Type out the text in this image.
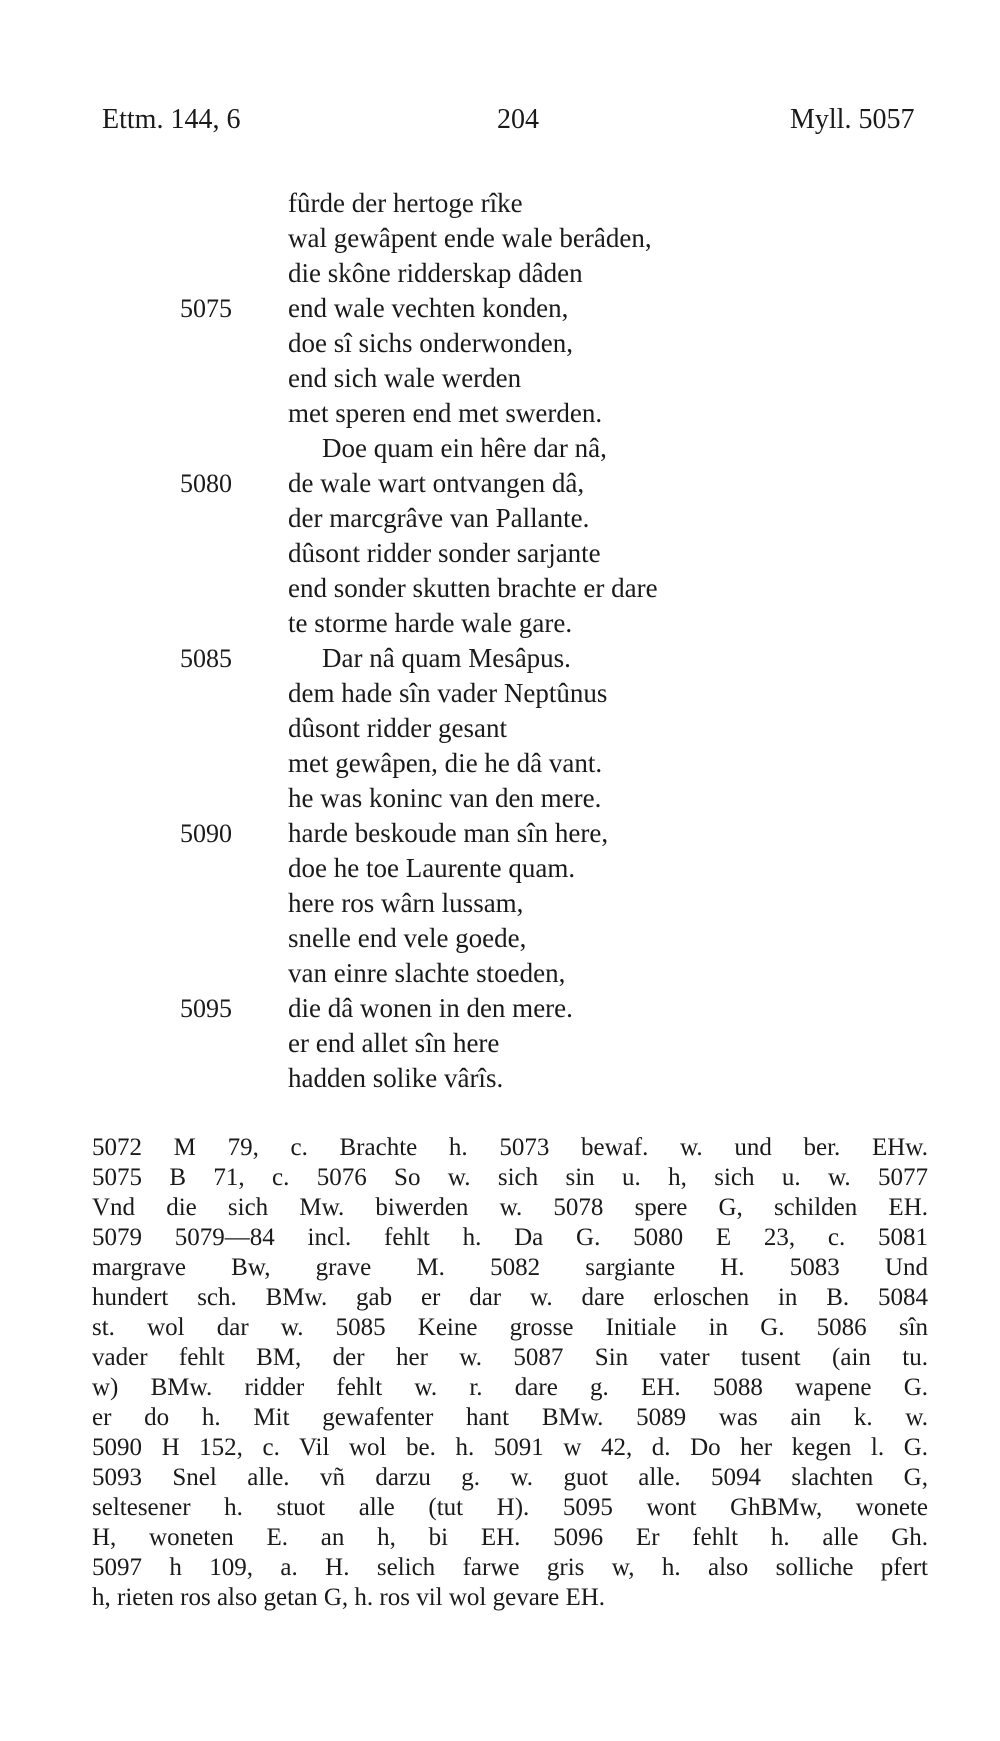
Ettm. 144, 6	204	Myll. 5057
fûrde der hertoge rîke
wal gewâpent ende wale berâden,
die skône ridderskap dâden
5075	end wale vechten konden,
doe sî sichs onderwonden,
end sich wale werden
met speren end met swerden.
Doe quam ein hêre dar nâ,
5080	de wale wart ontvangen dâ,
der marcgrâve van Pallante.
dûsont ridder sonder sarjante
end sonder skutten brachte er dare
te storme harde wale gare.
5085	Dar nâ quam Mesâpus.
dem hade sîn vader Neptûnus
dûsont ridder gesant
met gewâpen, die he dâ vant.
he was koninc van den mere.
5090	harde beskoude man sîn here,
doe he toe Laurente quam.
here ros wârn lussam,
snelle end vele goede,
van einre slachte stoeden,
5095	die dâ wonen in den mere.
er end allet sîn here
hadden solike vârîs.
5072 M 79, c. Brachte h. 5073 bewaf. w. und ber. EHw.
5075 B 71, c. 5076 So w. sich sin u. h, sich u. w. 5077
Vnd die sich Mw. biwerden w. 5078 spere G, schilden EH.
5079 5079—84 incl. fehlt h. Da G. 5080 E 23, c. 5081
margrave Bw, grave M. 5082 sargiante H. 5083 Und
hundert sch. BMw. gab er dar w. dare erloschen in B. 5084
st. wol dar w. 5085 Keine grosse Initiale in G. 5086 sîn
vader fehlt BM, der her w. 5087 Sin vater tusent (ain tu.
w) BMw. ridder fehlt w. r. dare g. EH. 5088 wapene G.
er do h. Mit gewafenter hant BMw. 5089 was ain k. w.
5090 H 152, c. Vil wol be. h. 5091 w 42, d. Do her kegen l. G.
5093 Snel alle. vñ darzu g. w. guot alle. 5094 slachten G,
seltesener h. stuot alle (tut H). 5095 wont GhBMw, wonete
H, woneten E. an h, bi EH. 5096 Er fehlt h. alle Gh.
5097 h 109, a. H. selich farwe gris w, h. also solliche pfert
h, rieten ros also getan G, h. ros vil wol gevare EH.
